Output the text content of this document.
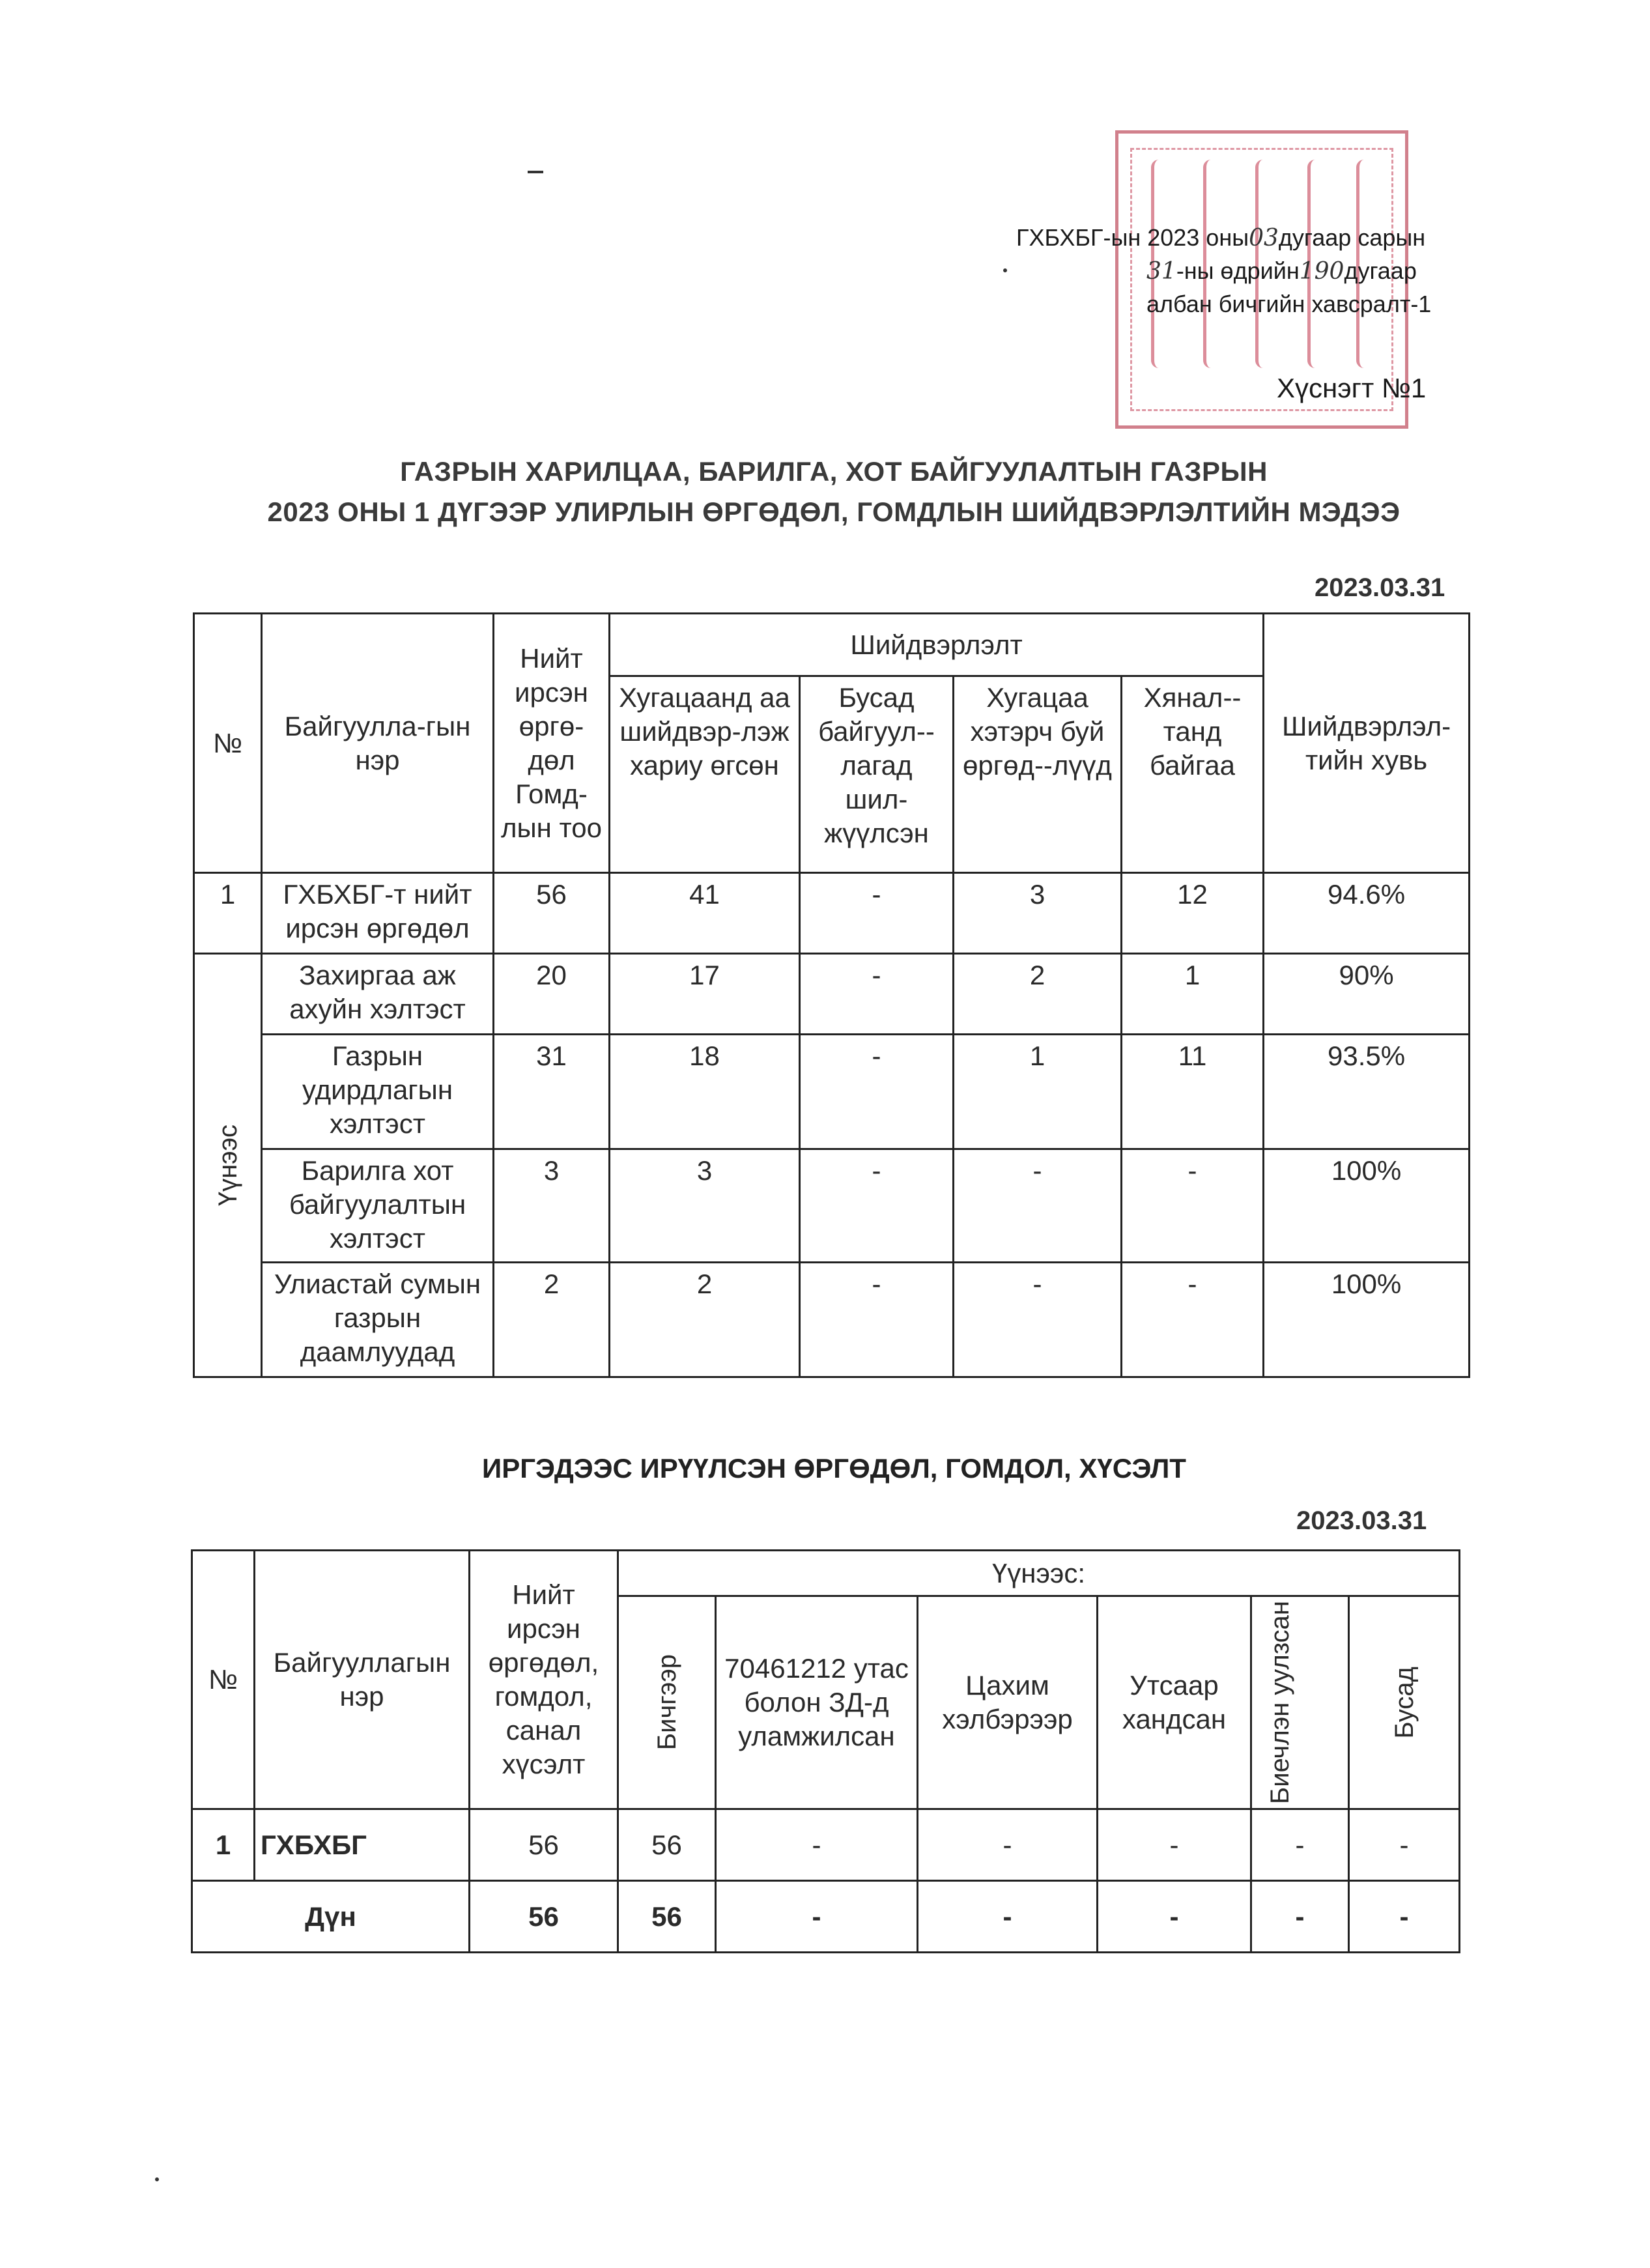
ГХБХБГ-ын 2023 оны03дугаар сарын
31-ны өдрийн190дугаар
албан бичгийн хавсралт-1
Хүснэгт №1
ГАЗРЫН ХАРИЛЦАА, БАРИЛГА, ХОТ БАЙГУУЛАЛТЫН ГАЗРЫН
2023 ОНЫ 1 ДҮГЭЭР УЛИРЛЫН ӨРГӨДӨЛ, ГОМДЛЫН ШИЙДВЭРЛЭЛТИЙН МЭДЭЭ
2023.03.31
№	Байгуулла-гын нэр	Нийт ирсэн өргө-дөл Гомд-лын тоо	Шийдвэрлэлт				Шийдвэрлэл-тийн хувь
			Хугацаанд аа шийдвэр-лэж хариу өгсөн	Бусад байгуул--лагад шил-жүүлсэн	Хугацаа хэтэрч буй өргөд--лүүд	Хянал--танд байгаа	
1	ГХБХБГ-т нийт ирсэн өргөдөл	56	41	-	3	12	94.6%

Үүнээс	Захиргаа аж ахуйн хэлтэст	20	17	-	2	1	90%
	Газрын удирдлагын хэлтэст	31	18	-	1	11	93.5%
	Барилга хот байгуулалтын хэлтэст	3	3	-	-	-	100%
	Улиастай сумын газрын даамлуудад	2	2	-	-	-	100%
ИРГЭДЭЭС ИРҮҮЛСЭН ӨРГӨДӨЛ, ГОМДОЛ, ХҮСЭЛТ
2023.03.31
№	Байгууллагын нэр	Нийт ирсэн өргөдөл, гомдол, санал хүсэлт	Үүнээс:					

			Бичгээр	70461212 утас болон ЗД-д уламжилсан	Цахим хэлбэрээр	Утсаар хандсан	Биечлэн уулзсан	Бусад

1	ГХБХБГ	56	56	-	-	-	-	-
Дүн		56	56	-	-	-	-	-
